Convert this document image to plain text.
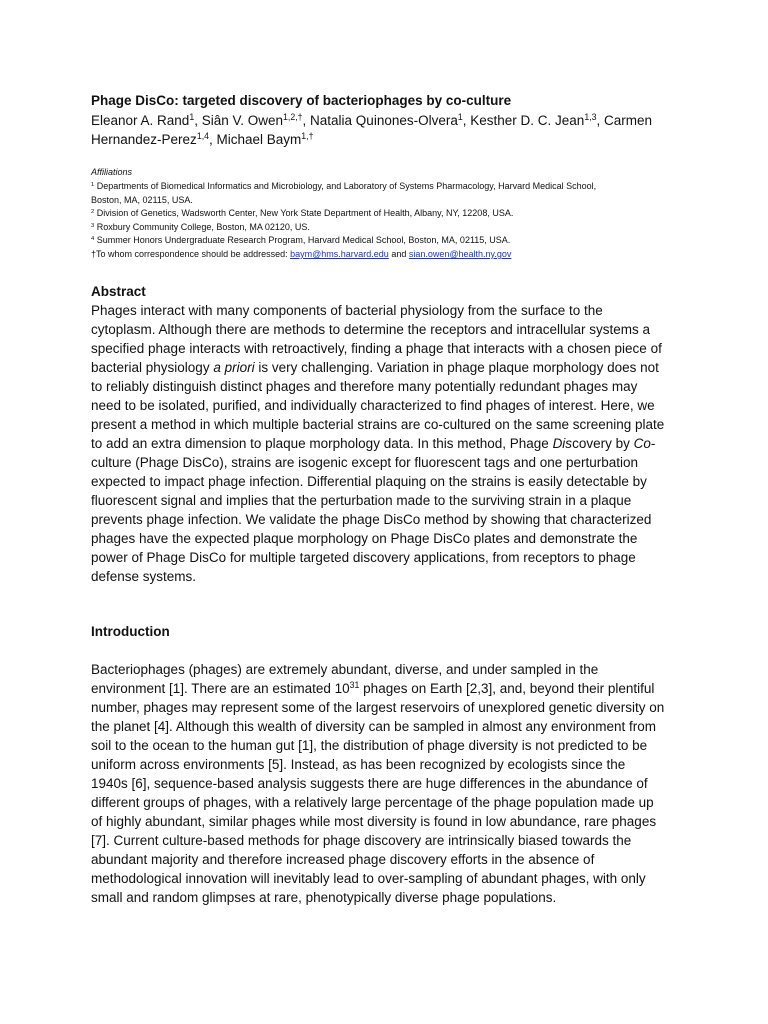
Phage DisCo: targeted discovery of bacteriophages by co-culture
Eleanor A. Rand$^1$, Siân V. Owen$^{1,2,\dagger}$, Natalia Quinones-Olvera$^1$, Kesther D. C. Jean$^{1,3}$, Carmen
Hernandez-Perez$^{1,4}$, Michael Baym$^{1,\dagger}$
Affiliations
$^1$ Departments of Biomedical Informatics and Microbiology, and Laboratory of Systems Pharmacology, Harvard Medical School,
Boston, MA, 02115, USA.
$^2$ Division of Genetics, Wadsworth Center, New York State Department of Health, Albany, NY, 12208, USA.
$^3$ Roxbury Community College, Boston, MA 02120, US.
$^4$ Summer Honors Undergraduate Research Program, Harvard Medical School, Boston, MA, 02115, USA.
†To whom correspondence should be addressed: baym@hms.harvard.edu and sian.owen@health.ny.gov
Abstract
Phages interact with many components of bacterial physiology from the surface to the
cytoplasm. Although there are methods to determine the receptors and intracellular systems a
specified phage interacts with retroactively, finding a phage that interacts with a chosen piece of
bacterial physiology a priori is very challenging. Variation in phage plaque morphology does not
to reliably distinguish distinct phages and therefore many potentially redundant phages may
need to be isolated, purified, and individually characterized to find phages of interest. Here, we
present a method in which multiple bacterial strains are co-cultured on the same screening plate
to add an extra dimension to plaque morphology data. In this method, Phage Discovery by Co-
culture (Phage DisCo), strains are isogenic except for fluorescent tags and one perturbation
expected to impact phage infection. Differential plaquing on the strains is easily detectable by
fluorescent signal and implies that the perturbation made to the surviving strain in a plaque
prevents phage infection. We validate the phage DisCo method by showing that characterized
phages have the expected plaque morphology on Phage DisCo plates and demonstrate the
power of Phage DisCo for multiple targeted discovery applications, from receptors to phage
defense systems.
Introduction
Bacteriophages (phages) are extremely abundant, diverse, and under sampled in the
environment [1]. There are an estimated $10^{31}$ phages on Earth [2,3], and, beyond their plentiful
number, phages may represent some of the largest reservoirs of unexplored genetic diversity on
the planet [4]. Although this wealth of diversity can be sampled in almost any environment from
soil to the ocean to the human gut [1], the distribution of phage diversity is not predicted to be
uniform across environments [5]. Instead, as has been recognized by ecologists since the
1940s [6], sequence-based analysis suggests there are huge differences in the abundance of
different groups of phages, with a relatively large percentage of the phage population made up
of highly abundant, similar phages while most diversity is found in low abundance, rare phages
[7]. Current culture-based methods for phage discovery are intrinsically biased towards the
abundant majority and therefore increased phage discovery efforts in the absence of
methodological innovation will inevitably lead to over-sampling of abundant phages, with only
small and random glimpses at rare, phenotypically diverse phage populations.
